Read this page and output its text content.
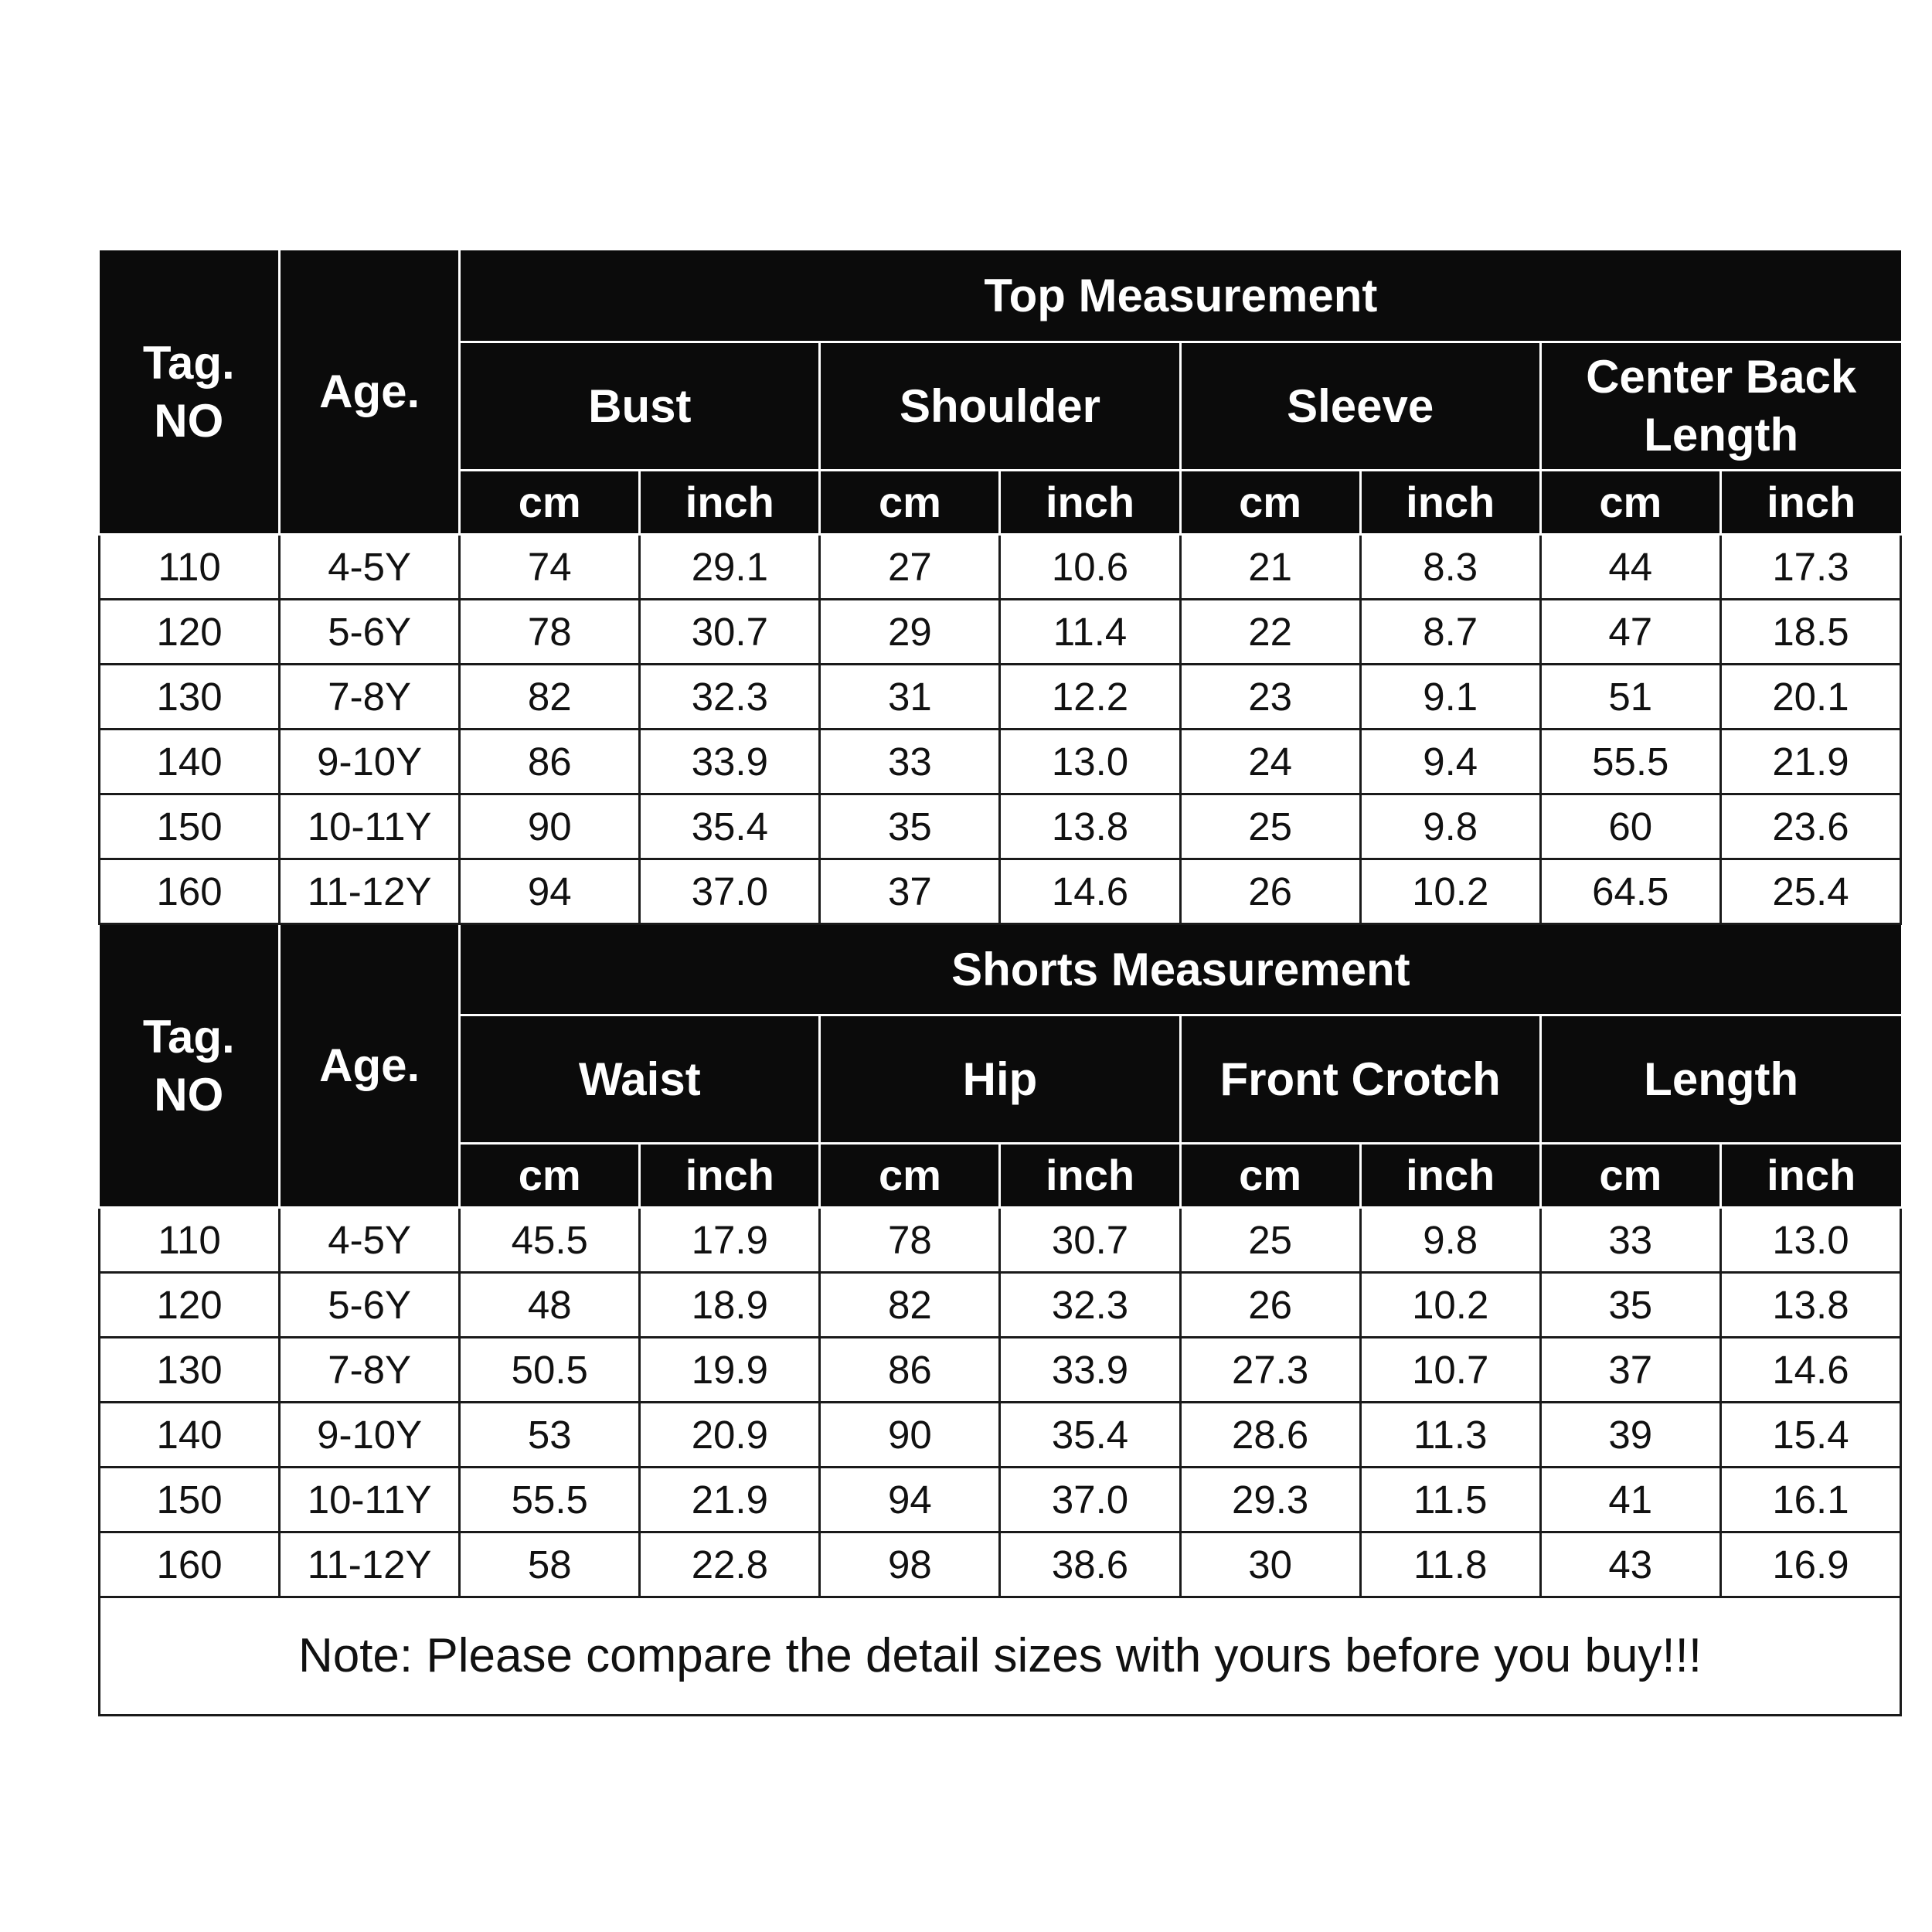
Tag.
NO	Age.	Top Measurement							
		Bust		Shoulder		Sleeve		Center Back
Length	
		cm	inch	cm	inch	cm	inch	cm	inch
110	4-5Y	74	29.1	27	10.6	21	8.3	44	17.3
120	5-6Y	78	30.7	29	11.4	22	8.7	47	18.5
130	7-8Y	82	32.3	31	12.2	23	9.1	51	20.1
140	9-10Y	86	33.9	33	13.0	24	9.4	55.5	21.9
150	10-11Y	90	35.4	35	13.8	25	9.8	60	23.6
160	11-12Y	94	37.0	37	14.6	26	10.2	64.5	25.4
Tag.
NO	Age.	Shorts Measurement							
		Waist		Hip		Front Crotch		Length	
		cm	inch	cm	inch	cm	inch	cm	inch
110	4-5Y	45.5	17.9	78	30.7	25	9.8	33	13.0
120	5-6Y	48	18.9	82	32.3	26	10.2	35	13.8
130	7-8Y	50.5	19.9	86	33.9	27.3	10.7	37	14.6
140	9-10Y	53	20.9	90	35.4	28.6	11.3	39	15.4
150	10-11Y	55.5	21.9	94	37.0	29.3	11.5	41	16.1
160	11-12Y	58	22.8	98	38.6	30	11.8	43	16.9
Note: Please compare the detail sizes with yours before you buy!!!									
